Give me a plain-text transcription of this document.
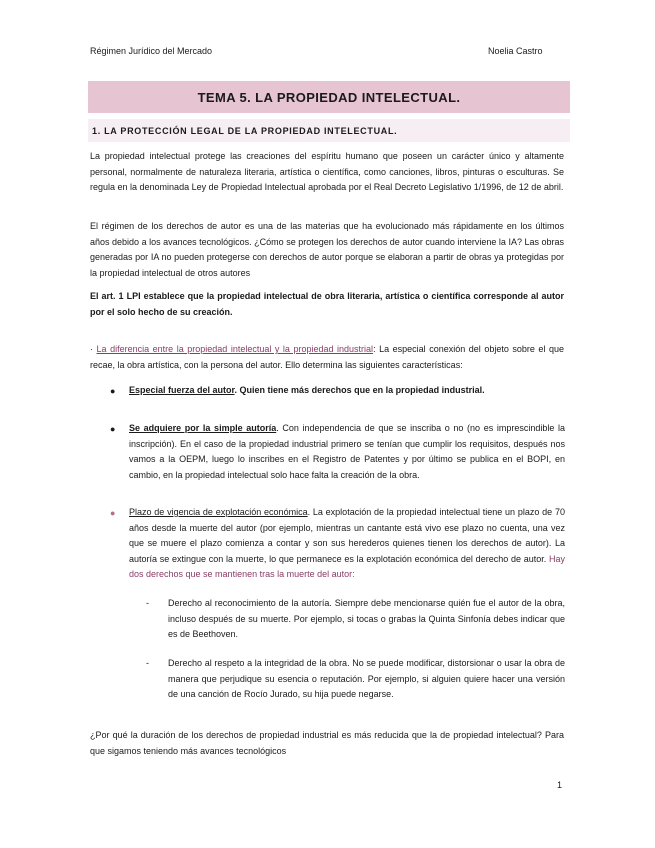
Régimen Jurídico del Mercado	Noelia Castro
TEMA 5. LA PROPIEDAD INTELECTUAL.
1. LA PROTECCIÓN LEGAL DE LA PROPIEDAD INTELECTUAL.

La propiedad intelectual protege las creaciones del espíritu humano que poseen un carácter único y altamente personal, normalmente de naturaleza literaria, artística o científica, como canciones, libros, pinturas o esculturas. Se regula en la denominada Ley de Propiedad Intelectual aprobada por el Real Decreto Legislativo 1/1996, de 12 de abril.

El régimen de los derechos de autor es una de las materias que ha evolucionado más rápidamente en los últimos años debido a los avances tecnológicos. ¿Cómo se protegen los derechos de autor cuando interviene la IA? Las obras generadas por IA no pueden protegerse con derechos de autor porque se elaboran a partir de obras ya protegidas por la propiedad intelectual de otros autores

El art. 1 LPI establece que la propiedad intelectual de obra literaria, artística o científica corresponde al autor por el solo hecho de su creación.

· La diferencia entre la propiedad intelectual y la propiedad industrial: La especial conexión del objeto sobre el que recae, la obra artística, con la persona del autor. Ello determina las siguientes características:

● Especial fuerza del autor. Quien tiene más derechos que en la propiedad industrial.

● Se adquiere por la simple autoría. Con independencia de que se inscriba o no (no es imprescindible la inscripción). En el caso de la propiedad industrial primero se tenían que cumplir los requisitos, después nos vamos a la OEPM, luego lo inscribes en el Registro de Patentes y por último se publica en el BOPI, en cambio, en la propiedad intelectual solo hace falta la creación de la obra.

● Plazo de vigencia de explotación económica. La explotación de la propiedad intelectual tiene un plazo de 70 años desde la muerte del autor (por ejemplo, mientras un cantante está vivo ese plazo no cuenta, una vez que se muere el plazo comienza a contar y son sus herederos quienes tienen los derechos de autor). La autoría se extingue con la muerte, lo que permanece es la explotación económica del derecho de autor. Hay dos derechos que se mantienen tras la muerte del autor:

- Derecho al reconocimiento de la autoría. Siempre debe mencionarse quién fue el autor de la obra, incluso después de su muerte. Por ejemplo, si tocas o grabas la Quinta Sinfonía debes indicar que es de Beethoven.

- Derecho al respeto a la integridad de la obra. No se puede modificar, distorsionar o usar la obra de manera que perjudique su esencia o reputación. Por ejemplo, si alguien quiere hacer una versión de una canción de Rocío Jurado, su hija puede negarse.

¿Por qué la duración de los derechos de propiedad industrial es más reducida que la de propiedad intelectual? Para que sigamos teniendo más avances tecnológicos

1
